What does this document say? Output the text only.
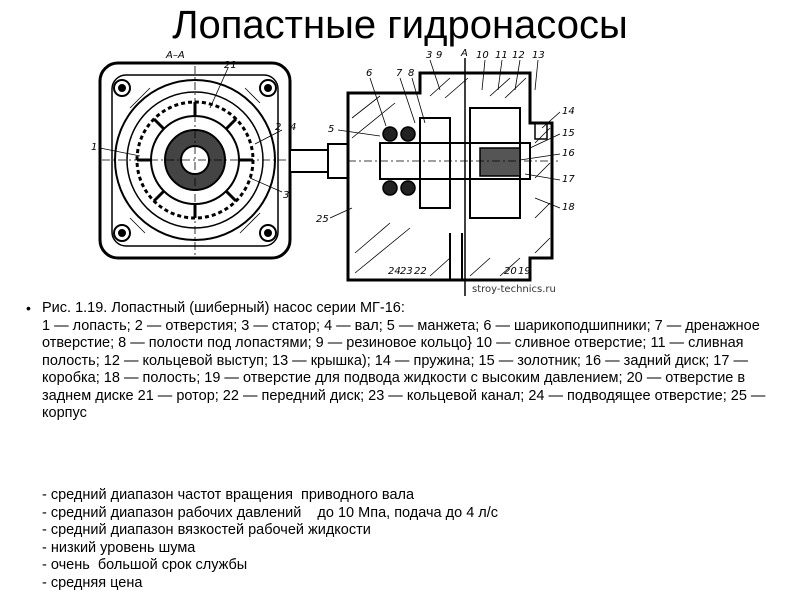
Лопастные гидронасосы
А–А
21
1
2 4
3
А
3 9	10 11 12 13
8
7
6
5
14
15
16
17
18
25
24 23 22	20 19
stroy-technics.ru
• Рис. 1.19. Лопастный (шиберный) насос серии МГ-16:
1 — лопасть; 2 — отверстия; 3 — статор; 4 — вал; 5 — манжета; 6 — шарикоподшипники; 7 — дренажное отверстие; 8 — полости под лопастями; 9 — резиновое кольцо} 10 — сливное отверстие; 11 — сливная полость; 12 — кольцевой выступ; 13 — крышка); 14 — пружина; 15 — золотник; 16 — задний диск; 17 — коробка; 18 — полость; 19 — отверстие для подвода жидкости с высоким давлением; 20 — отверстие в заднем диске 21 — ротор; 22 — передний диск; 23 — кольцевой канал; 24 — подводящее отверстие; 25 — корпус
- средний диапазон частот вращения  приводного вала
- средний диапазон рабочих давлений    до 10 Мпа, подача до 4 л/с
- средний диапазон вязкостей рабочей жидкости
- низкий уровень шума
- очень  большой срок службы
- средняя цена
